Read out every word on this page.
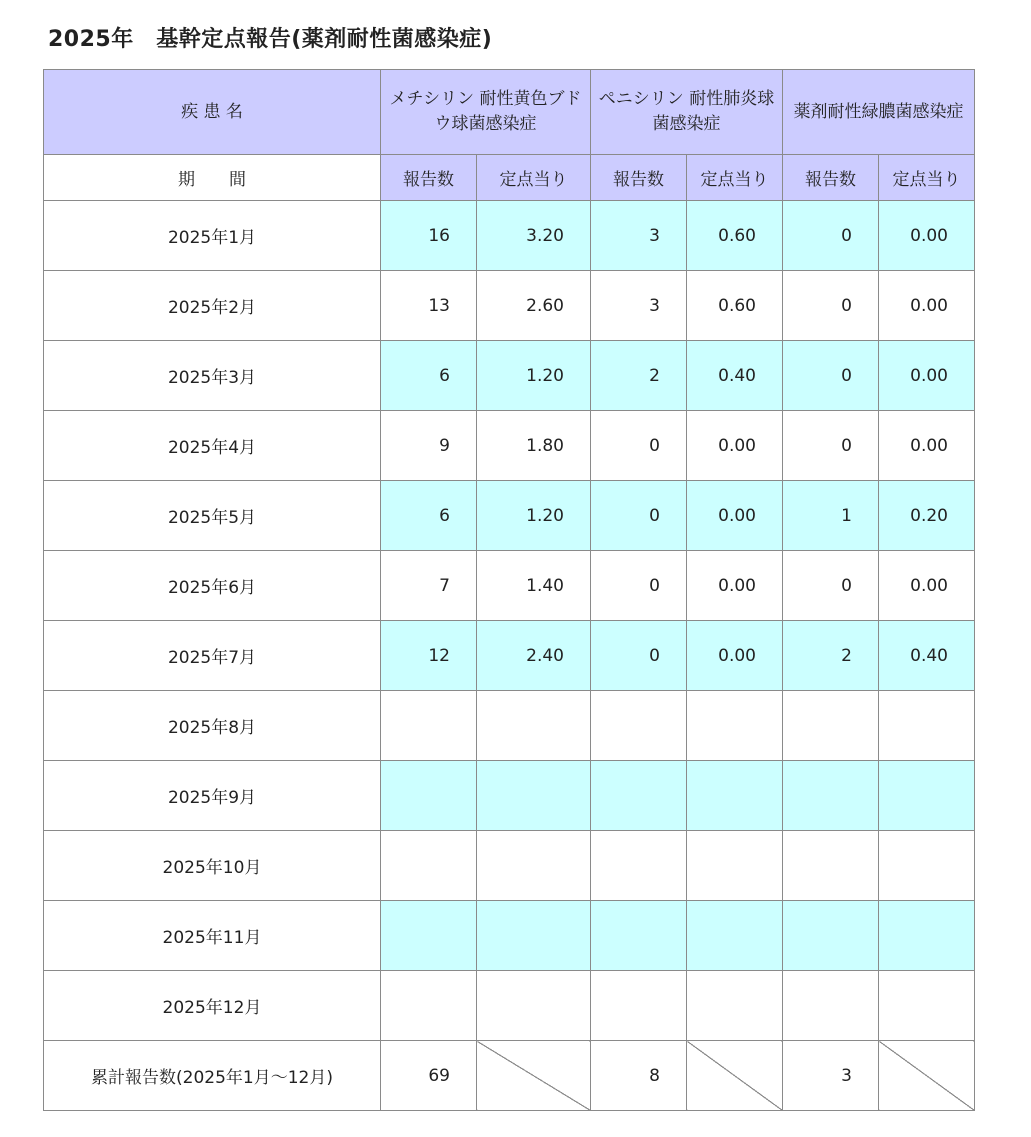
2025年　基幹定点報告(薬剤耐性菌感染症)
疾 患 名	メチシリン 耐性黄色ブドウ球菌感染症		ペニシリン 耐性肺炎球菌感染症		薬剤耐性緑膿菌感染症	
期　　間	報告数	定点当り	報告数	定点当り	報告数	定点当り
2025年1月	16	3.20	3	0.60	0	0.00
2025年2月	13	2.60	3	0.60	0	0.00
2025年3月	6	1.20	2	0.40	0	0.00
2025年4月	9	1.80	0	0.00	0	0.00
2025年5月	6	1.20	0	0.00	1	0.20
2025年6月	7	1.40	0	0.00	0	0.00
2025年7月	12	2.40	0	0.00	2	0.40
2025年8月						
2025年9月						
2025年10月						
2025年11月						
2025年12月						
累計報告数(2025年1月～12月)	69		8		3	
